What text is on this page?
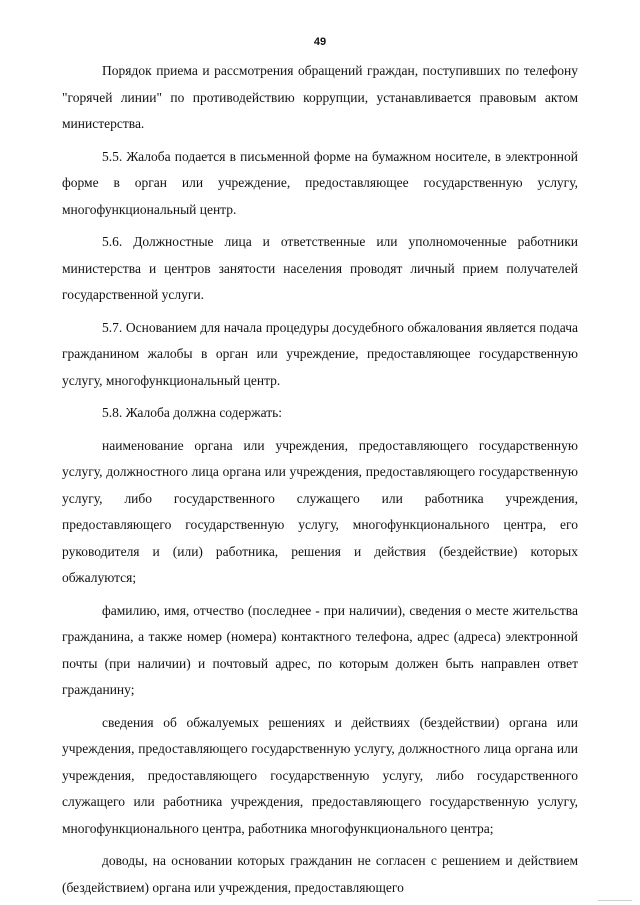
49

Порядок приема и рассмотрения обращений граждан, поступивших по телефону "горячей линии" по противодействию коррупции, устанавливается правовым актом министерства.

5.5. Жалоба подается в письменной форме на бумажном носителе, в электронной форме в орган или учреждение, предоставляющее государственную услугу, многофункциональный центр.

5.6. Должностные лица и ответственные или уполномоченные работники министерства и центров занятости населения проводят личный прием получателей государственной услуги.

5.7. Основанием для начала процедуры досудебного обжалования является подача гражданином жалобы в орган или учреждение, предоставляющее государственную услугу, многофункциональный центр.

5.8. Жалоба должна содержать:

наименование органа или учреждения, предоставляющего государственную услугу, должностного лица органа или учреждения, предоставляющего государственную услугу, либо государственного служащего или работника учреждения, предоставляющего государственную услугу, многофункционального центра, его руководителя и (или) работника, решения и действия (бездействие) которых обжалуются;

фамилию, имя, отчество (последнее - при наличии), сведения о месте жительства гражданина, а также номер (номера) контактного телефона, адрес (адреса) электронной почты (при наличии) и почтовый адрес, по которым должен быть направлен ответ гражданину;

сведения об обжалуемых решениях и действиях (бездействии) органа или учреждения, предоставляющего государственную услугу, должностного лица органа или учреждения, предоставляющего государственную услугу, либо государственного служащего или работника учреждения, предоставляющего государственную услугу, многофункционального центра, работника многофункционального центра;

доводы, на основании которых гражданин не согласен с решением и действием (бездействием) органа или учреждения, предоставляющего
